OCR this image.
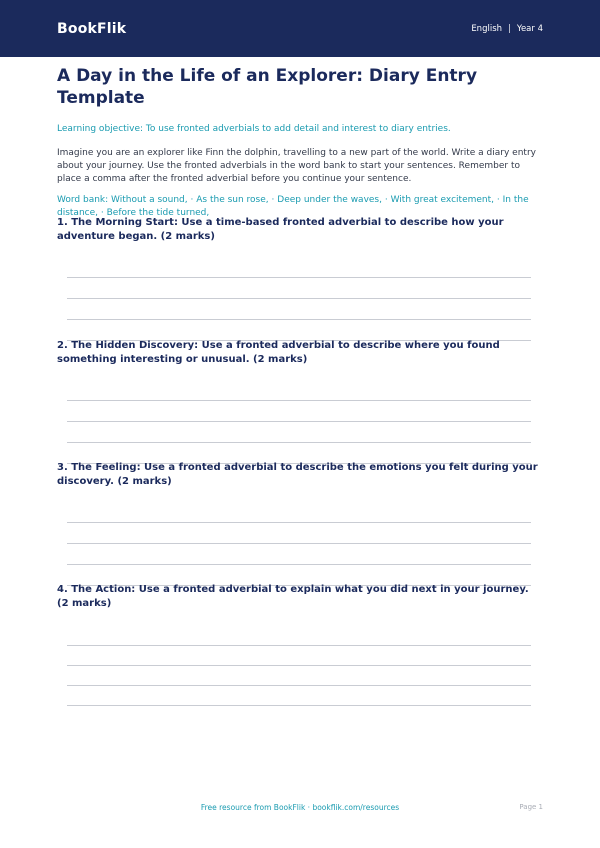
BookFlik	English | Year 4
A Day in the Life of an Explorer: Diary Entry Template

Learning objective: To use fronted adverbials to add detail and interest to diary entries.

Imagine you are an explorer like Finn the dolphin, travelling to a new part of the world. Write a diary entry about your journey. Use the fronted adverbials in the word bank to start your sentences. Remember to place a comma after the fronted adverbial before you continue your sentence.

Word bank: Without a sound, · As the sun rose, · Deep under the waves, · With great excitement, · In the distance, · Before the tide turned,

1. The Morning Start: Use a time-based fronted adverbial to describe how your adventure began. (2 marks)

2. The Hidden Discovery: Use a fronted adverbial to describe where you found something interesting or unusual. (2 marks)

3. The Feeling: Use a fronted adverbial to describe the emotions you felt during your discovery. (2 marks)

4. The Action: Use a fronted adverbial to explain what you did next in your journey. (2 marks)

Free resource from BookFlik · bookflik.com/resources	Page 1
